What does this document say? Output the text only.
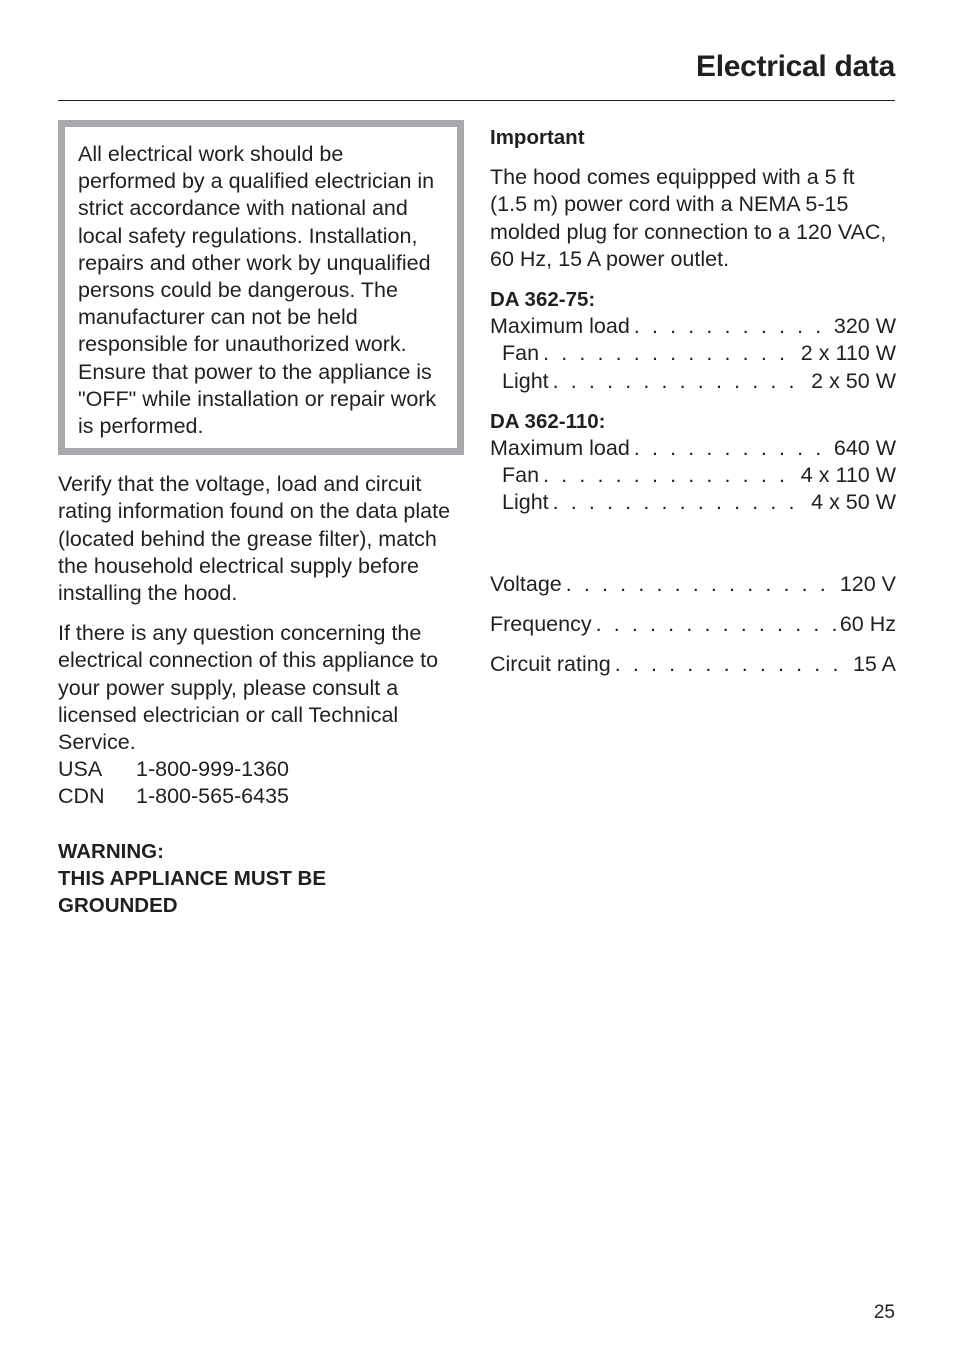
Electrical data

All electrical work should be performed by a qualified electrician in strict accordance with national and local safety regulations. Installation, repairs and other work by unqualified persons could be dangerous. The manufacturer can not be held responsible for unauthorized work.

Ensure that power to the appliance is "OFF" while installation or repair work is performed.

Verify that the voltage, load and circuit rating information found on the data plate (located behind the grease filter), match the household electrical supply before installing the hood.

If there is any question concerning the electrical connection of this appliance to your power supply, please consult a licensed electrician or call Technical Service.
USA	1-800-999-1360
CDN	1-800-565-6435
WARNING:
THIS APPLIANCE MUST BE
GROUNDED
Important

The hood comes equippped with a 5 ft (1.5 m) power cord with a NEMA 5-15 molded plug for connection to a 120 VAC, 60 Hz, 15 A power outlet.

DA 362-75:
Maximum load . . .	320 W
Fan . . .	2 x 110 W
Light . . .	2 x 50 W
DA 362-110:
Maximum load . . .	640 W
Fan . . .	4 x 110 W
Light . . .	4 x 50 W
Voltage . . .	120 V
Frequency . . .	60 Hz
Circuit rating . . .	15 A
25
